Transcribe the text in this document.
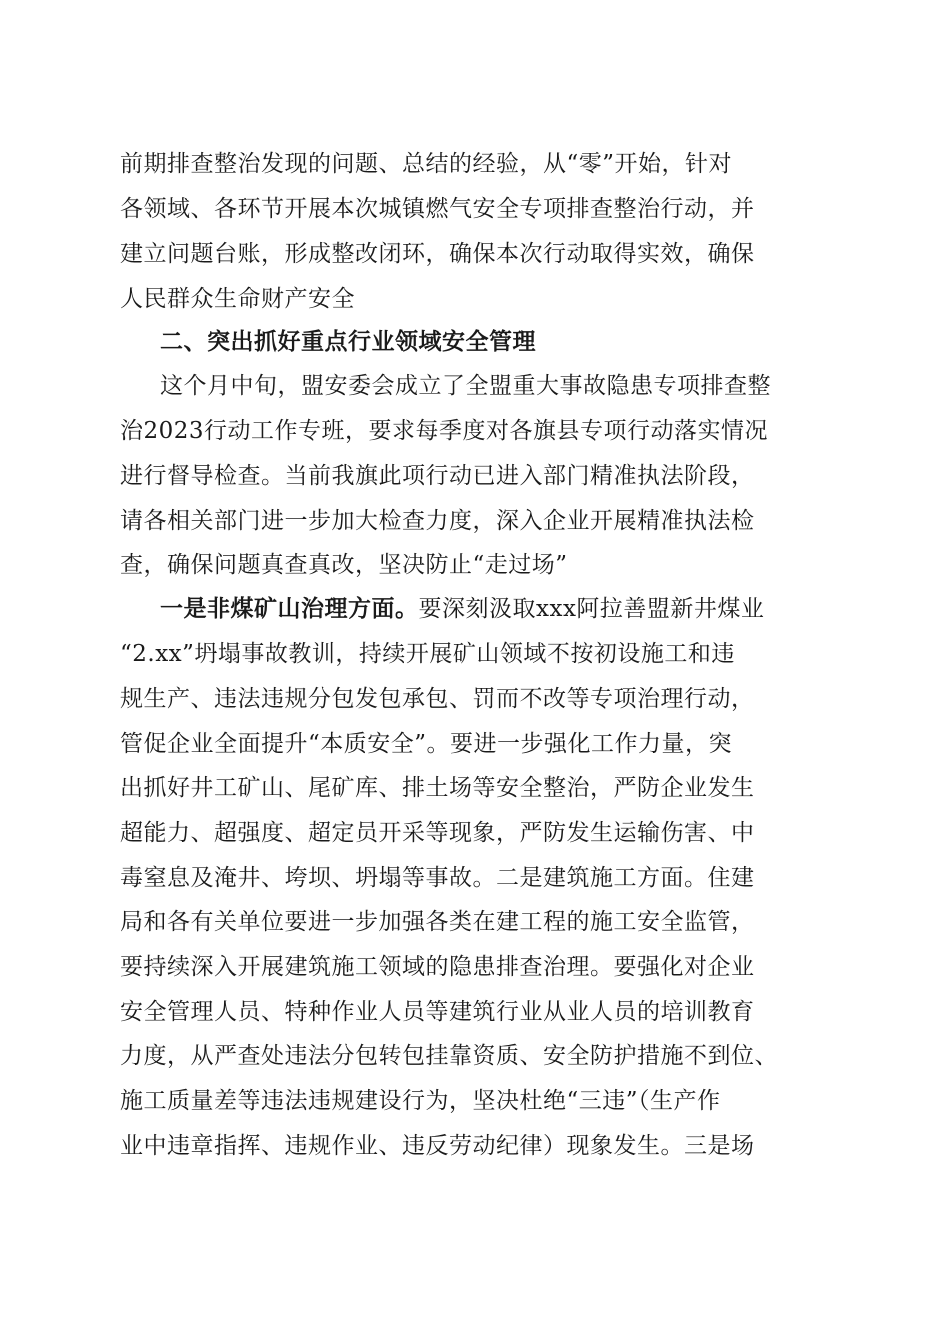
前期排查整治发现的问题、总结的经验，从“零”开始，针对
各领域、各环节开展本次城镇燃气安全专项排查整治行动，并
建立问题台账，形成整改闭环，确保本次行动取得实效，确保
人民群众生命财产安全
二、突出抓好重点行业领域安全管理
这个月中旬，盟安委会成立了全盟重大事故隐患专项排查整
治2023行动工作专班，要求每季度对各旗县专项行动落实情况
进行督导检查。当前我旗此项行动已进入部门精准执法阶段，
请各相关部门进一步加大检查力度，深入企业开展精准执法检
查，确保问题真查真改，坚决防止“走过场”
一是非煤矿山治理方面。要深刻汲取xxx阿拉善盟新井煤业
“2.xx”坍塌事故教训，持续开展矿山领域不按初设施工和违
规生产、违法违规分包发包承包、罚而不改等专项治理行动，
管促企业全面提升“本质安全”。要进一步强化工作力量，突
出抓好井工矿山、尾矿库、排土场等安全整治，严防企业发生
超能力、超强度、超定员开采等现象，严防发生运输伤害、中
毒窒息及淹井、垮坝、坍塌等事故。二是建筑施工方面。住建
局和各有关单位要进一步加强各类在建工程的施工安全监管，
要持续深入开展建筑施工领域的隐患排查治理。要强化对企业
安全管理人员、特种作业人员等建筑行业从业人员的培训教育
力度，从严查处违法分包转包挂靠资质、安全防护措施不到位、
施工质量差等违法违规建设行为，坚决杜绝“三违”（生产作
业中违章指挥、违规作业、违反劳动纪律）现象发生。三是场
